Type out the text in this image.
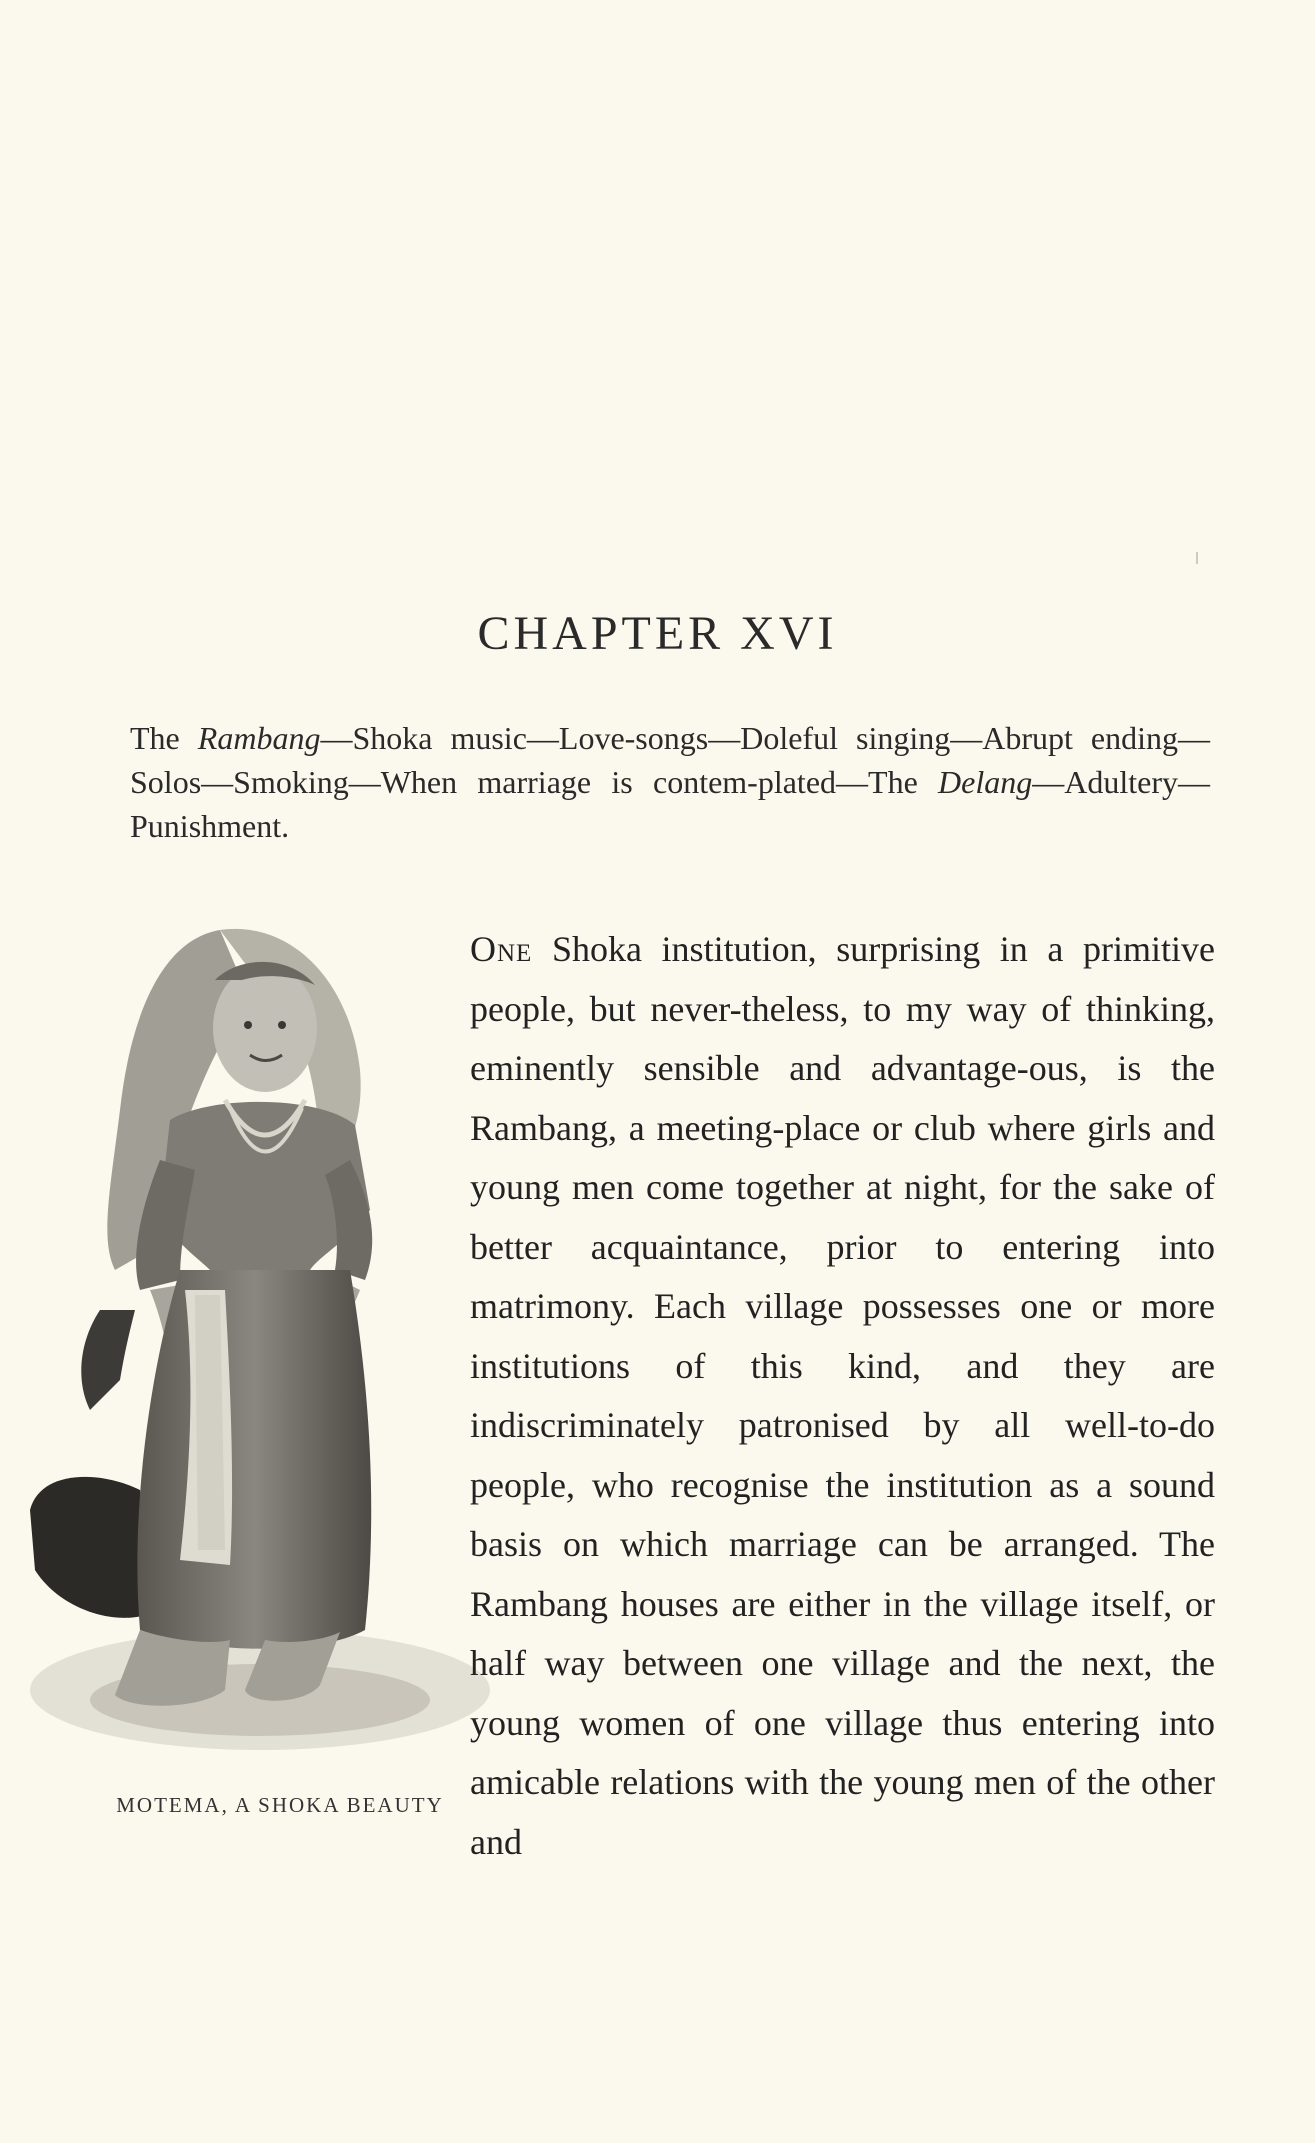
CHAPTER XVI
The Rambang—Shoka music—Love-songs—Doleful singing—Abrupt ending—Solos—Smoking—When marriage is contem-plated—The Delang—Adultery—Punishment.
MOTEMA, A SHOKA BEAUTY
One Shoka institution, surprising in a primitive people, but never-theless, to my way of thinking, eminently sensible and advantage-ous, is the Rambang, a meeting-place or club where girls and young men come together at night, for the sake of better acquaintance, prior to entering into matrimony. Each village possesses one or more institutions of this kind, and they are indiscriminately patronised by all well-to-do people, who recognise the institution as a sound basis on which marriage can be arranged. The Rambang houses are either in the village itself, or half way between one village and the next, the young women of one village thus entering into amicable relations with the young men of the other and
